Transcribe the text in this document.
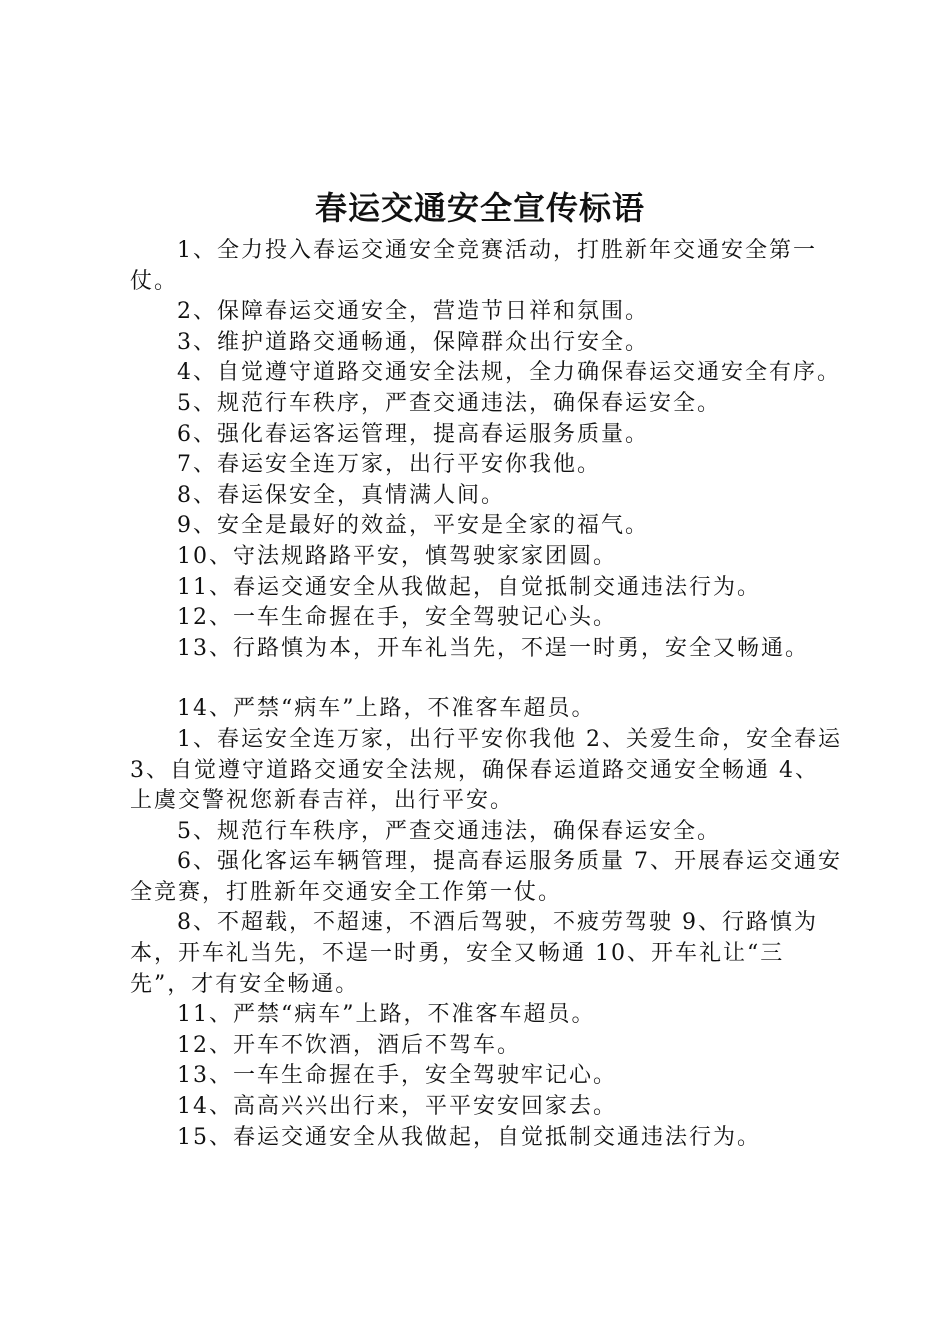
春运交通安全宣传标语

1、全力投入春运交通安全竞赛活动，打胜新年交通安全第一仗。

2、保障春运交通安全，营造节日祥和氛围。

3、维护道路交通畅通，保障群众出行安全。

4、自觉遵守道路交通安全法规，全力确保春运交通安全有序。

5、规范行车秩序，严查交通违法，确保春运安全。

6、强化春运客运管理，提高春运服务质量。

7、春运安全连万家，出行平安你我他。

8、春运保安全，真情满人间。

9、安全是最好的效益，平安是全家的福气。

10、守法规路路平安，慎驾驶家家团圆。

11、春运交通安全从我做起，自觉抵制交通违法行为。

12、一车生命握在手，安全驾驶记心头。

13、行路慎为本，开车礼当先，不逞一时勇，安全又畅通。

14、严禁“病车”上路，不准客车超员。

1、春运安全连万家，出行平安你我他 2、关爱生命，安全春运 3、自觉遵守道路交通安全法规，确保春运道路交通安全畅通 4、上虞交警祝您新春吉祥，出行平安。

5、规范行车秩序，严查交通违法，确保春运安全。

6、强化客运车辆管理，提高春运服务质量 7、开展春运交通安全竞赛，打胜新年交通安全工作第一仗。

8、不超载，不超速，不酒后驾驶，不疲劳驾驶 9、行路慎为本，开车礼当先，不逞一时勇，安全又畅通 10、开车礼让“三先”，才有安全畅通。

11、严禁“病车”上路，不准客车超员。

12、开车不饮酒，酒后不驾车。

13、一车生命握在手，安全驾驶牢记心。

14、高高兴兴出行来，平平安安回家去。

15、春运交通安全从我做起，自觉抵制交通违法行为。
